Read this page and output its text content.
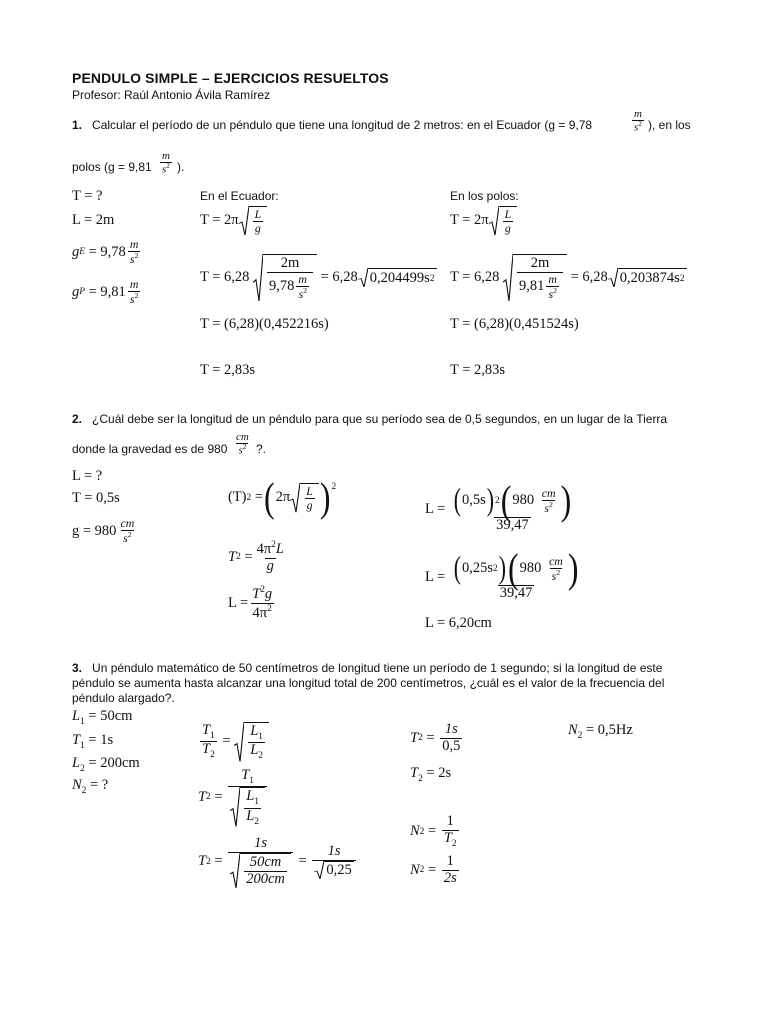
PENDULO SIMPLE – EJERCICIOS RESUELTOS
Profesor: Raúl Antonio Ávila Ramírez
1. Calcular el período de un péndulo que tiene una longitud de 2 metros: en el Ecuador (g = 9,78	$\frac{m}{s^2}$ ), en los
polos ($g = 9,81 \frac{m}{s^2}$ ).
T = ?
L = 2m
g E
= $9,78 \frac{m}{s^2}$
g P
= $9,81 \frac{m}{s^2}$
En el Ecuador:
$T = 2\pi \frac{L}{g}$
T = 6,28
$\frac{2m}{9,78 \frac{m}{s^2}}$
= 6,28 0,204499s 2
T = (6,28)(0,452216s)
T = 2,83s
En los polos:
$T = 2\pi \frac{L}{g}$
T = 6,28
$\frac{2m}{9,81 \frac{m}{s^2}}$
= 6,28 0,203874s 2
T = (6,28)(0,451524s)
T = 2,83s
2. ¿Cuál debe ser la longitud de un péndulo para que su período sea de 0,5 segundos, en un lugar de la Tierra
donde la gravedad es de $980 \frac{cm}{s^2}$ ?.
L = ?
T = 0,5s
$g = 980 \frac{cm}{s^2}$
(T) 2
= ( $2\pi \frac{L}{g} )^2$
T $2 = \frac{4\pi^2L}{g}$
$L = \frac{T^2g}{4\pi^2}$
L =
( 0,5s ) 2 ( 980
$\frac{cm}{s^2}$ )
39,47
L =
( 0,25s 2 ) ( 980
$\frac{cm}{s^2}$ )
39,47
L = 6,20cm
3. Un péndulo matemático de 50 centímetros de longitud tiene un período de 1 segundo; si la longitud de este
péndulo se aumenta hasta alcanzar una longitud total de 200 centímetros, ¿cuál es el valor de la frecuencia del
péndulo alargado?.
$L_1 = 50cm$
$T_1 = 1s$
$L_2 = 200cm$
$N_2$ = ?
$\frac{T_1}{T_2} = \frac{L_1}{L_2}$
T $2 = \frac{T_1}{\frac{L_1}{L_2}}$
T $2 = \frac{1s}{\frac{50cm}{200cm}} = \frac{1s}{0,25}$
T $2 = \frac{1s}{0,5}$
$T_2 = 2s$
N $2 = \frac{1}{T_2}$
N $2 = \frac{1}{2s}$
$N_2 = 0,5Hz$
